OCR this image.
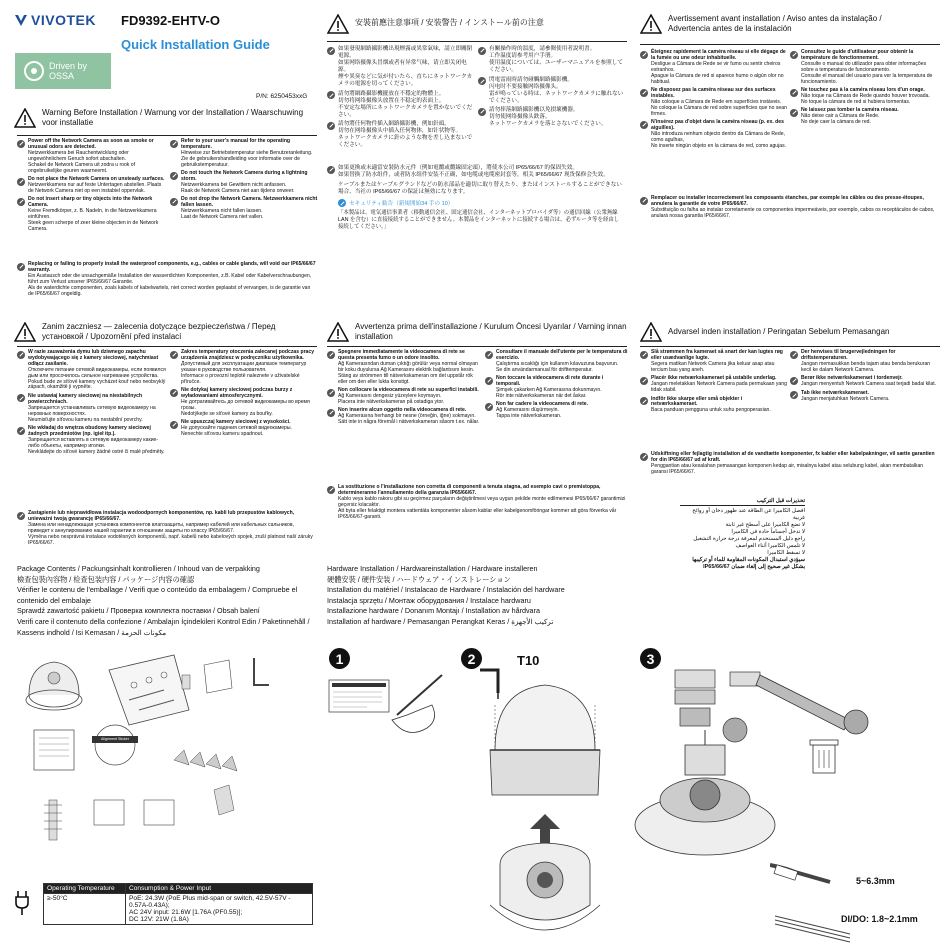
VIVOTEK FD9392-EHTV-O
Quick Installation Guide
Driven by
OSSA
P/N: 6250453xxG
Warning Before Installation / Warnung vor der Installation / Waarschuwing voor installatie
Power off the Network Camera as soon as smoke or unusual odors are detected.
Netzwerkkamera bei Rauchentwicklung oder ungewöhnlichem Geruch sofort abschalten.
Schakel de Network Camera uit zodra u rook of ongebruikelijke geuren waarneemt.
Do not place the Network Camera on unsteady surfaces.
Netzwerkkamera nur auf feste Untertagen abstellen. Plaats de Network Camera niet op een instabiel oppervlak.
Do not insert sharp or tiny objects into the Network Camera.
Keine Fremdkörper, z. B. Nadeln, in die Netzwerkkamera einführen.
Steek geen scherpe of zeer kleine objecten in de Network Camera.
Refer to your user's manual for the operating temperature.
Hinweise zur Betriebstemperatur siehe Benutzeranleitung.
Zie de gebruikershandleiding voor informatie over de gebruikstemperatuur.
Do not touch the Network Camera during a lightning storm.
Netzwerkkamera bei Gewittern nicht anfassen.
Raak de Network Camera niet aan tijdens onweer.
Do not drop the Network Camera. Netzwerkkamera nicht fallen lassen.
Netzwerkkamera nicht fallen lassen.
Laat de Network Camera niet vallen.
Replacing or failing to properly install the waterproof components, e.g., cables or cable glands, will void our IP65/66/67 warranty.
Ein Austausch oder die unsachgemäße Installation der wasserdichten Komponenten, z.B. Kabel oder Kabelverschraubungen, führt zum Verlust unserer IP65/66/67 Garantie.
Als de waterdichte componenten, zoals kabels of kabelwartels, niet correct worden geplaatst of vervangen, is de garantie van de IP65/66/67 ongeldig.
安裝前應注意事項 / 安装警告 / インストール前の注意
如果發現網路攝影機出現煙霧或異常氣味，請立即關閉電源。
如果网络摄像头冒烟或者有异常气味，请立即关闭电源。
煙や異臭などに気が付いたら、直ちにネットワークカメラの電源を切ってください。
請勿將網路攝影機擺放在不穩定的物體上。
切勿将网络摄像头放置在不稳定的表面上。
不安定な場所にネットワークカメラを置かないでください。
請勿將任何物件插入網路攝影機，例如針頭。
切勿在网络摄像头中插入任何物体，如针状物等。
ネットワークカメラに針のような物を差し込まないでください。
有關操作時的溫度，請參閱使用者說明書。
工作温度请参考用户手册。
使用温度については、ユーザーマニュアルを参照してください。
閃電雷雨時請勿碰觸網路攝影機。
闪电时不要接触网络摄像头。
雷が鳴っている時は、ネットワークカメラに触れないでください。
請勿摔落網路攝影機以免損壞機器。
切勿使网络摄像头跌落。
ネットワークカメラを落とさないでください。
如果更換或未適當安裝防水元件（例如電纜或纜線固定頭），將使本公司 IP65/66/67 的保固失效。
如果替换了防水组件，或者防水组件安装不正确，如电缆或电缆密封套等，相关 IP65/66/67 现货保修会失效。
ケーブルまたはケーブルグランドなどの防水部品を適切に取り替えたり、またはインストールすることができない場合、当社の IP65/66/67 の保証は無効になります。
セキュリティ勧告（新規開始34 手の 10）
「本製品は、電気通信事業者（移動通信会社、固定通信会社、インターネットプロバイダ等）の通信回線（公衆無線LAN を含む）に直接接続することができません。本製品をインターネットに接続する場合は、必ずルータ等を経由し接続してください。」
Avertissement avant installation / Aviso antes da instalação /
Advertencia antes de la instalación
Éteignez rapidement la caméra réseau si elle dégage de la fumée ou une odeur inhabituelle.
Desligue a Câmara de Rede se vir fumo ou sentir cheiros estranhos.
Apague la Cámara de red si aparece humo o algún olor no habitual.
Ne disposez pas la caméra réseau sur des surfaces instables.
Não coloque a Câmara de Rede em superfícies instáveis.
No coloque la Cámara de red sobre superficies que no sean firmes.
N'insérez pas d'objet dans la caméra réseau (p. ex. des aiguilles).
Não introduza nenhum objecto dentro da Câmara de Rede, como agulhas,
No inserte ningún objeto en la cámara de red, como agujas.
Consultez le guide d'utilisateur pour obtenir la température de fonctionnement.
Consulte o manual do utilizador para obter informações sobre a temperatura de funcionamento.
Consulte el manual del usuario para ver la temperatura de funcionamiento.
Ne touchez pas à la caméra réseau lors d'un orage.
Não toque na Câmara de Rede quando houver trovoada.
No toque la cámara de red si hubiera tormentas.
Ne laissez pas tomber la caméra réseau.
Não deixe cair a Câmara de Rede.
No deje caer la cámara de red.
Remplacer ou installer incorrectement les composants étanches, par exemple les câbles ou des presse-étoupes, annulera la garantie de votre IP65/66/67.
Substituição ou falha ao instalar corretamente os componentes impermeáveis, por exemplo, cabos os receptáculos de cabos, anulará nossa garantia IP65/66/67.
Zanim zaczniesz — zalecenia dotyczące bezpieczeństwa / Перед установкой / Upozornění před instalací
W razie zauważenia dymu lub dziwnego zapachu wydobywającego się z kamery sieciowej, natychmiast odłącz zasilanie.
Отключите питание сетевой видеокамеры, если появился дым или просочилось сильное нагревание устройства.
Pokud bude ze síťové kamery vycházet kouř nebo neobvyklý zápach, okamžitě ji vypněte.
Nie ustawiaj kamery sieciowej na niestabilnych powierzchniach.
Запрещается устанавливать сетевую видеокамеру на неровных поверхностях.
Neumisťujte síťovou kameru na nestabilní povrchy.
Nie wkładaj do wnętrza obudowy kamery sieciowej żadnych przedmiotów (np. igieł itp.).
Запрещается вставлять в сетевую видеокамеру какие-либо объекты, например иголки.
Nevkládejte do síťové kamery žádné ostré či malé předměty.
Zakres temperatury otoczenia zalecanej podczas pracy urządzenia znajdziesz w podręczniku użytkownika.
Допустимый для эксплуатации диапазон температур указан в руководстве пользователя.
Informace o provozní teplotě naleznete v uživatelské příručce.
Nie dotykaj kamery sieciowej podczas burzy z wyładowaniami atmosferycznymi.
Не дотрагивайтесь до сетевой видеокамеры во время грозы.
Nedotýkejte se síťové kamery za bouřky.
Nie upuszczaj kamery sieciowej z wysokości.
Не допускайте падения сетевой видеокамеры.
Nenechte síťovou kameru spadnout.
Zastąpienie lub nieprawidłowa instalacja wodoodpornych komponentów, np. kabli lub przepustów kablowych, unieważni twoją gwarancję IP65/66/67.
Замена или ненадлежащая установка компонентов влагозащиты, например кабелей или кабельных сальников, приведет к аннулированию нашей гарантии в отношении защиты по классу IP65/66/67.
Výměna nebo nesprávná instalace vodotěsných komponentů, např. kabelů nebo kabelových spojek, zruší platnost naší záruky IP65/66/67.
Avvertenza prima dell'installazione / Kurulum Öncesi Uyarılar / Varning innan installation
Spegnere immediatamente la videocamera di rete se questa presenta fumo o un odore insolito.
Ağ Kamerasından duman çıktığı görülür veya normal olmayan bir koku duyulursa Ağ Kamerasını elektrik bağlantısını kesin.
Stäng av strömmen till nätverkskameran om det uppstår rök eller om den eller lukta konstigt.
Non collocare la videocamera di rete su superfici instabili.
Ağ Kamerasını dengesiz yüzeylere koymayın.
Placera inte nätverkskameran på ostadiga ytor.
Non inserire alcun oggetto nella videocamera di rete.
Ağ Kamerasına herhangi bir nesne (örneğin, iğne) sokmayın.
Sätt inte in några föremål i nätverkskameran såsom t.ex. nålar.
Consultare il manuale dell'utente per le temperatura di esercizio.
Çalıştırma sıcaklığı için kullanım kılavuzuna başvurun.
Se din användarmanual för drifttemperatur.
Non toccare la videocamera di rete durante i temporali.
Şimşek çakarken Ağ Kamerasına dokunmayın.
Rör inte nätverkskameran när det åskar.
Non far cadere la videocamera di rete.
Ağ Kamerasını düşürmeyin.
Tappa inte nätverkskameran.
La sostituzione o l'installazione non corretta di componenti a tenuta stagna, ad esempio cavi o premistoppa, determineranno l'annullamento della garanzia IP65/66/67.
Kablo veya kablo rakoru gibi su geçirmez parçaların değiştirilmesi veya uygun şekilde monte edilmemesi IP65/66/67 garantimizi geçersiz kılacaktır.
Att byta eller felaktigt montera vattentäta komponenter såsom kablar eller kabelgenomföringar kommer att göra förverka vår IP65/66/67-garanti.
Advarsel inden installation / Peringatan Sebelum Pemasangan
Slå strømmen fra kameraet så snart der kan lugtes røg eller usædvanlige lugte.
Segera matikan Network Camera jika keluar asap atau tercium bau yang aneh.
Placér ikke netværkskameraet på ustabile underlag.
Jangan meletakkan Network Camera pada permukaan yang tidak stabil.
Indför ikke skarpe eller små objekter i netværkskameraet.
Baca panduan pengguna untuk suhu pengoperasian.
Der henvises til brugervejledningen for driftstemperaturen.
Jangan memasukkan benda tajam atau benda berukuran kecil ke dalam Network Camera.
Berør ikke netværkskameraet i tordenvejr.
Jangan menyentuh Network Camera saat terjadi badai kilat.
Tab ikke netværkskameraet.
Jangan menjatuhkan Network Camera.
Udskiftning eller fejlagtig installation af de vandtætte komponenter, fx kabler eller kabelpakninger, vil sætte garantien for din IP65/66/67 ud af kraft.
Penggantian atau kesalahan pemasangan komponen kedap air, misalnya kabel atau selubung kabel, akan membatalkan garansi IP65/66/67.
تحذيرات قبل التركيب
افصل الكاميرا عن الطاقة عند ظهور دخان أو روائح غريبة
لا تضع الكاميرا على أسطح غير ثابتة
لا تدخل أجساماً حادة في الكاميرا
راجع دليل المستخدم لمعرفة درجة حرارة التشغيل
لا تلمس الكاميرا أثناء العواصف
لا تسقط الكاميرا
سيؤدي استبدال المكونات المقاومة للماء أو تركيبها بشكل غير صحيح إلى إلغاء ضمان IP65/66/67
Package Contents / Packungsinhalt kontrollieren / Inhoud van de verpakking
檢查包裝內容物 / 检查包装内容 / パッケージ内容の確認
Vérifier le contenu de l'emballage / Verifi que o conteúdo da embalagem / Compruebe el contenido del embalaje
Sprawdź zawartość pakietu / Проверка комплекта поставки / Obsah balení
Verifi care il contenuto della confezione / Ambalajın İçindekileri Kontrol Edin / Paketinnehåll / Kassens indhold / Isi Kemasan / مكونات الحزمة
Alignment Sticker
Operating Temperature	Consumption & Power Input
≥-50°C	PoE: 24.3W (PoE Plus mid-span or switch, 42.5V-57V - 0.57A-0.43A);
AC 24V input: 21.6W [1.76A (PF0.55)];
DC 12V: 21W (1.8A)
Hardware Installation / Hardwareinstallation / Hardware installeren
硬體安裝 / 硬件安装 / ハードウェア・インストレーション
Installation du matériel / Instalacao de Hardware / Instalación del hardware
Instalacja sprzętu / Монтаж оборудования / Instalace hardwaru
Installazione hardware / Donanım Montajı / Installation av hårdvara
Installation af hardware / Pemasangan Perangkat Keras / تركيب الأجهزة
1	2	3
T10
5~6.3mm
DI/DO: 1.8~2.1mm
